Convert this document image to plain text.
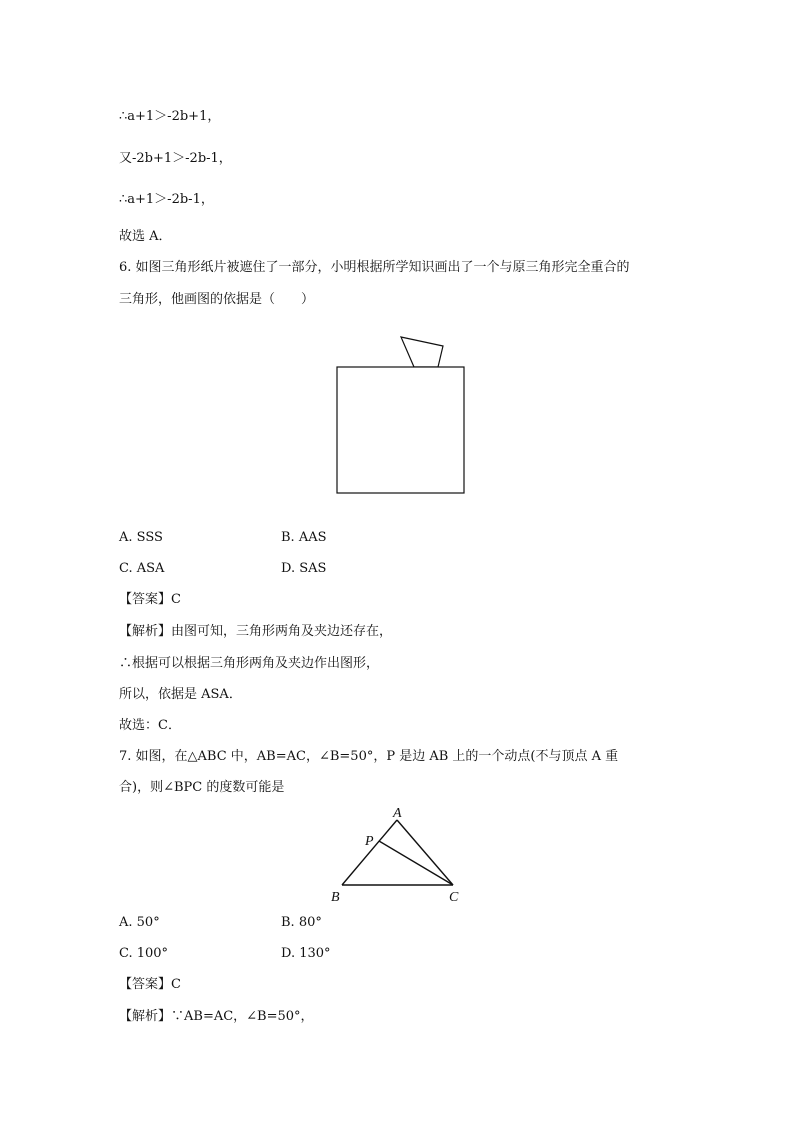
∴a+1＞-2b+1，
又-2b+1＞-2b-1，
∴a+1＞-2b-1，
故选 A．
6. 如图三角形纸片被遮住了一部分，小明根据所学知识画出了一个与原三角形完全重合的
三角形，他画图的依据是（　　）
A. SSS	B. AAS
C. ASA	D. SAS
【答案】C
【解析】由图可知，三角形两角及夹边还存在，
∴根据可以根据三角形两角及夹边作出图形，
所以，依据是 ASA．
故选：C．
7. 如图，在△ABC 中，AB=AC，∠B=50°，P 是边 AB 上的一个动点(不与顶点 A 重
合)，则∠BPC 的度数可能是
A
P
B	C
A. 50°	B. 80°
C. 100°	D. 130°
【答案】C
【解析】∵AB=AC，∠B=50°，
